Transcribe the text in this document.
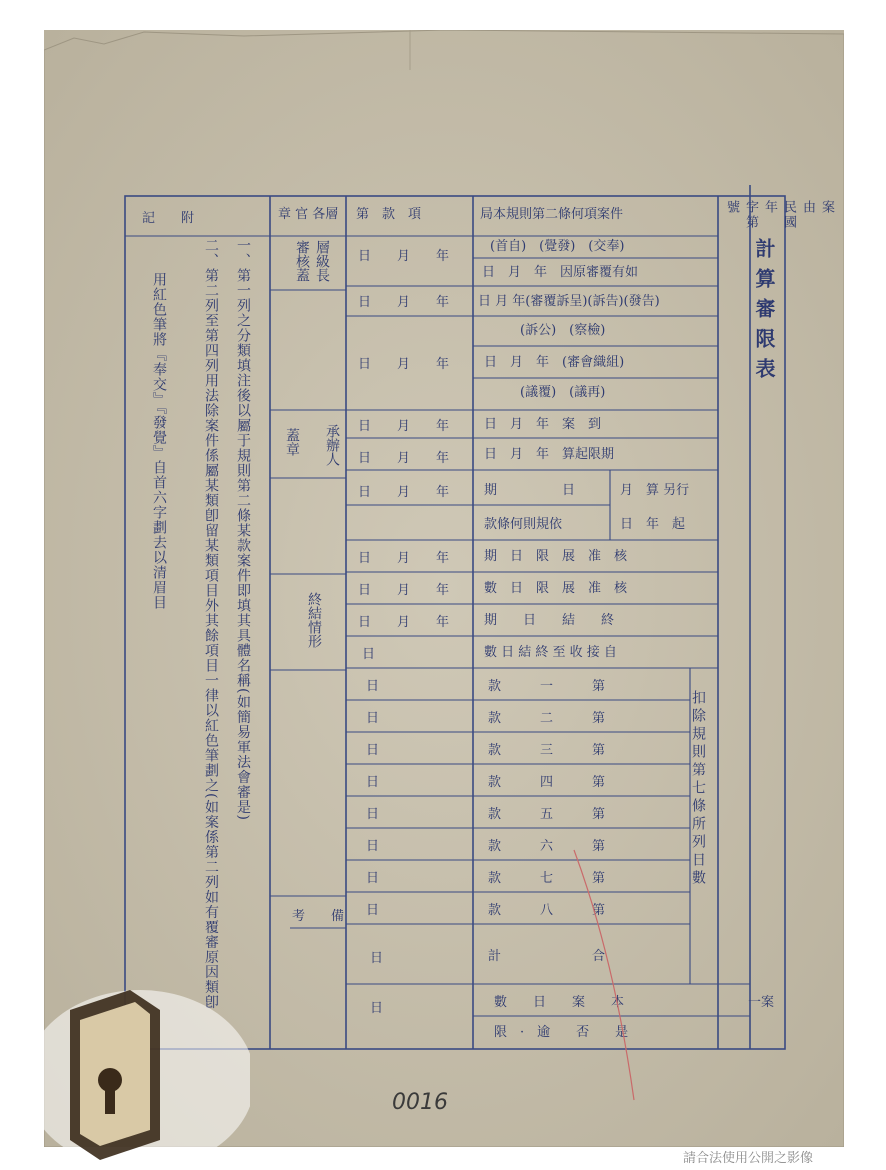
局本規則第二條何項案件
第　款　項
章 官 各層
記　　附
(首自)　(覺發)　(交奉)
日　月　年　因原審覆有如
日 月 年(審覆訴呈)(訴告)(發告)
(訴公)　(察檢)
日　月　年　(審會織組)
(議覆)　(議再)
日　月　年　案　到
日　月　年　算起限期
期　　　　　日	月　算 另行
日　年　起
款條何則規依
期　日　限　展　准　核
數　日　限　展　准　核
期　　日　　結　　終
數 日 結 終 至 收 接 自
款　　　一　　　第
款　　　二　　　第
款　　　三　　　第
款　　　四　　　第
款　　　五　　　第
款　　　六　　　第
款　　　七　　　第
款　　　八　　　第
計　　　　　　　合
扣除規則第七條所列日數
數　　日　　案　　本
限　·　逾　　否　　是
一案
日　　月　　年
日　　月　　年
日　　月　　年
日　　月　　年
日　　月　　年
日　　月　　年
日　　月　　年
日　　月　　年
日　　月　　年
日
日
日
日
日
日
日
日
日
日
日
審核蓋 層級長
承辦人
蓋章
終結情形
考　　備
計算審限表
案
由
民國
年
字第
號
一、第一列之分類填注後以屬于規則第二條某款案件即填其具體名稱(如簡易軍法會審是)
二、第二列至第四列用法除案件係屬某類卽留某類項目外其餘項目一律以紅色筆劃之(如案係第二列如有覆審原因類卽
用紅色筆將『奉交』『發覺』自首六字劃去以清眉目
0016
請合法使用公開之影像
